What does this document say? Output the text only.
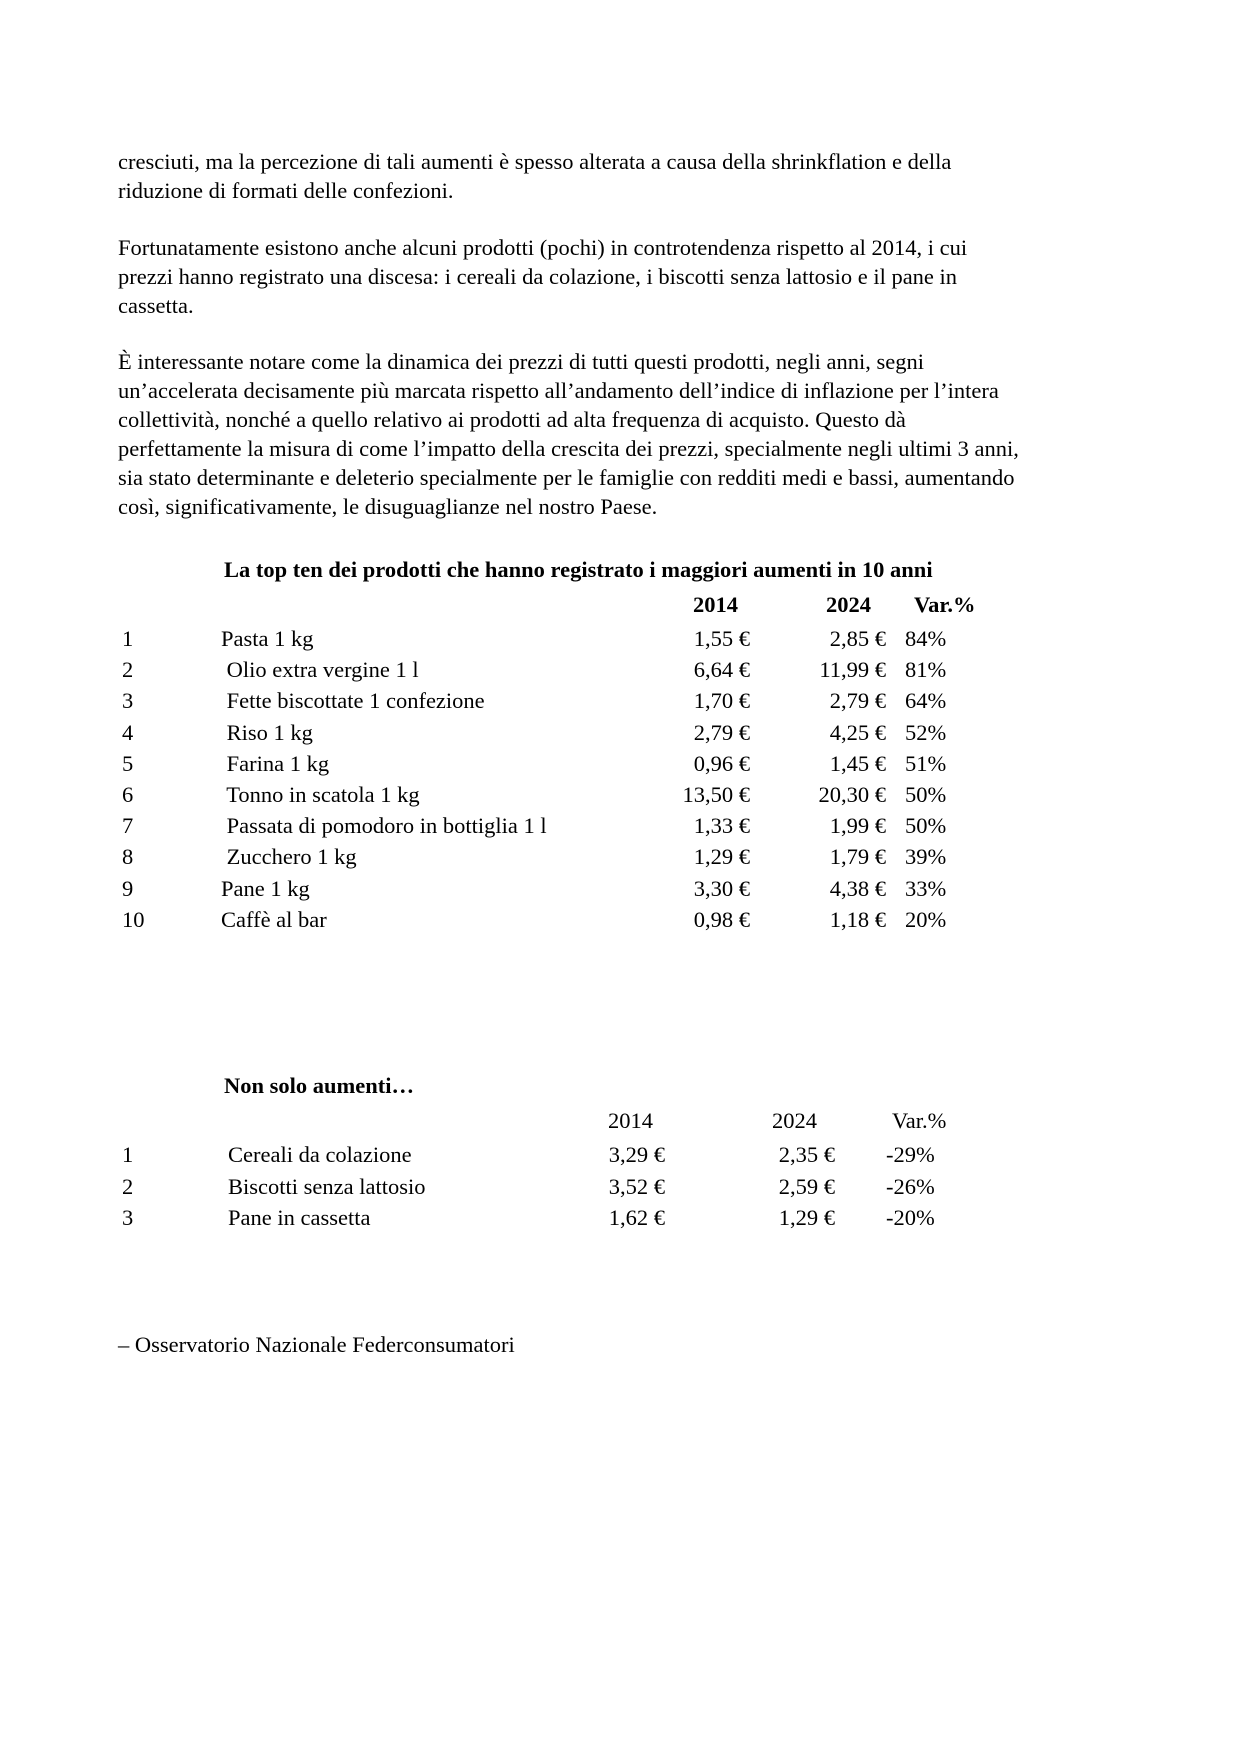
cresciuti, ma la percezione di tali aumenti è spesso alterata a causa della shrinkflation e della
riduzione di formati delle confezioni.

Fortunatamente esistono anche alcuni prodotti (pochi) in controtendenza rispetto al 2014, i cui
prezzi hanno registrato una discesa: i cereali da colazione, i biscotti senza lattosio e il pane in
cassetta.

È interessante notare come la dinamica dei prezzi di tutti questi prodotti, negli anni, segni
un’accelerata decisamente più marcata rispetto all’andamento dell’indice di inflazione per l’intera
collettività, nonché a quello relativo ai prodotti ad alta frequenza di acquisto. Questo dà
perfettamente la misura di come l’impatto della crescita dei prezzi, specialmente negli ultimi 3 anni,
sia stato determinante e deleterio specialmente per le famiglie con redditi medi e bassi, aumentando
così, significativamente, le disuguaglianze nel nostro Paese.

La top ten dei prodotti che hanno registrato i maggiori aumenti in 10 anni
2014	2024 Var.%
1	Pasta 1 kg	1,55 €	2,85 € 84%
2	Olio extra vergine 1 l	6,64 €	11,99 € 81%
3	Fette biscottate 1 confezione	1,70 €	2,79 € 64%
4	Riso 1 kg	2,79 €	4,25 € 52%
5	Farina 1 kg	0,96 €	1,45 € 51%
6	Tonno in scatola 1 kg	13,50 €	20,30 € 50%
7	Passata di pomodoro in bottiglia 1 l	1,33 €	1,99 € 50%
8	Zucchero 1 kg	1,29 €	1,79 € 39%
9	Pane 1 kg	3,30 €	4,38 € 33%
10	Caffè al bar	0,98 €	1,18 € 20%
Non solo aumenti…
2014	2024	Var.%
1	Cereali da colazione	3,29 €	2,35 € -29%
2	Biscotti senza lattosio	3,52 €	2,59 € -26%
3	Pane in cassetta	1,62 €	1,29 € -20%
– Osservatorio Nazionale Federconsumatori
